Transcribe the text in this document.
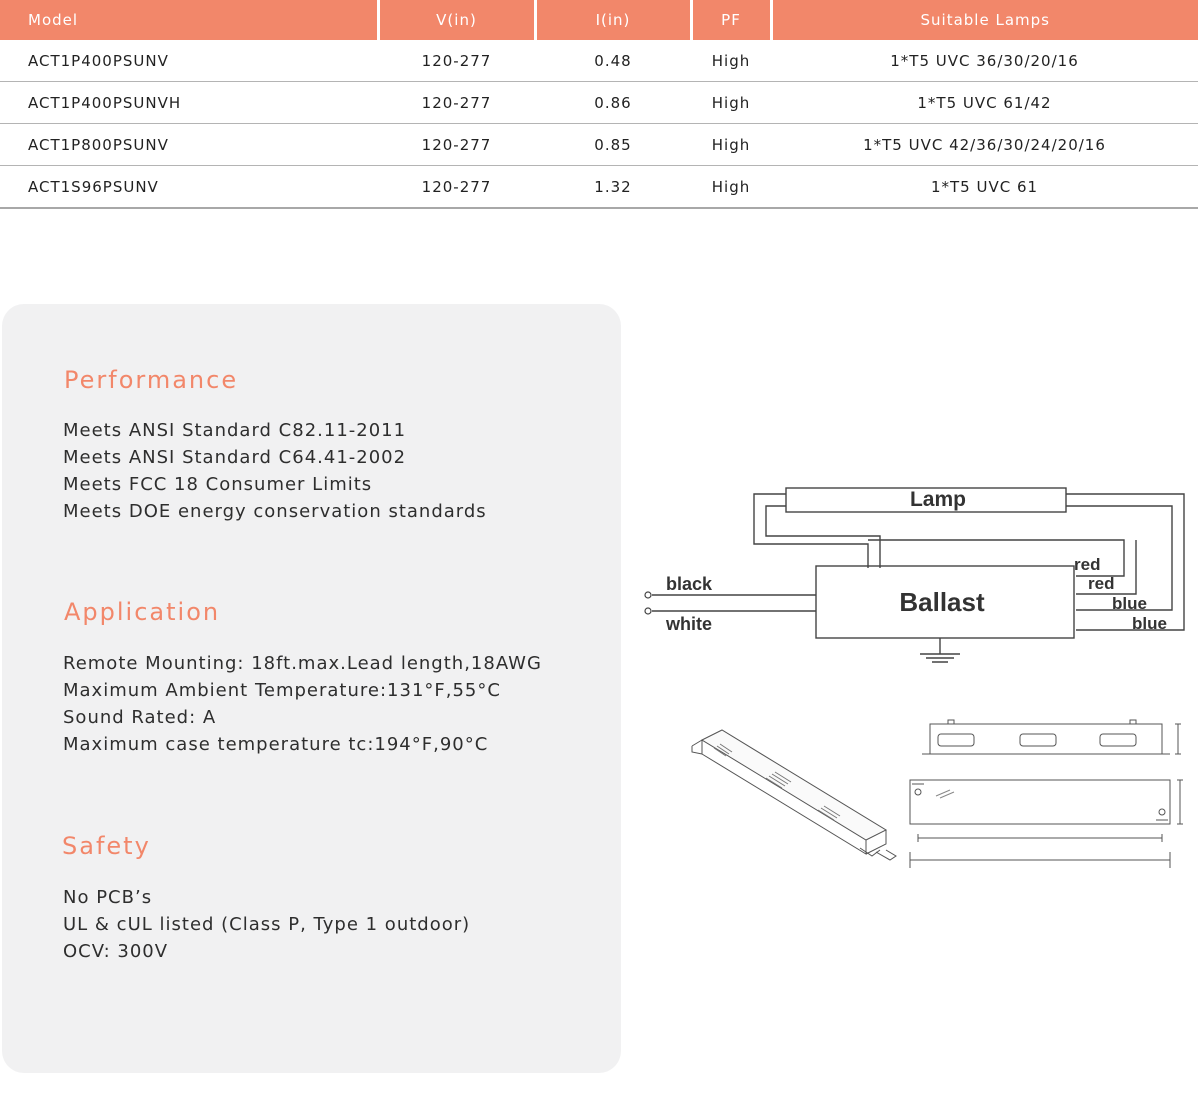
Model	V(in)	I(in)	PF	Suitable Lamps
ACT1P400PSUNV	120-277	0.48	High	1*T5 UVC 36/30/20/16
ACT1P400PSUNVH	120-277	0.86	High	1*T5 UVC 61/42
ACT1P800PSUNV	120-277	0.85	High	1*T5 UVC 42/36/30/24/20/16
ACT1S96PSUNV	120-277	1.32	High	1*T5 UVC 61
Performance
Meets ANSI Standard C82.11-2011
Meets ANSI Standard C64.41-2002
Meets FCC 18 Consumer Limits
Meets DOE energy conservation standards
Application
Remote Mounting: 18ft.max.Lead length,18AWG
Maximum Ambient Temperature:131°F,55°C
Sound Rated: A
Maximum case temperature tc:194°F,90°C
Safety
No PCB’s
UL & cUL listed (Class P, Type 1 outdoor)
OCV: 300V
Lamp
Ballast
black
white
red
red
blue
blue
